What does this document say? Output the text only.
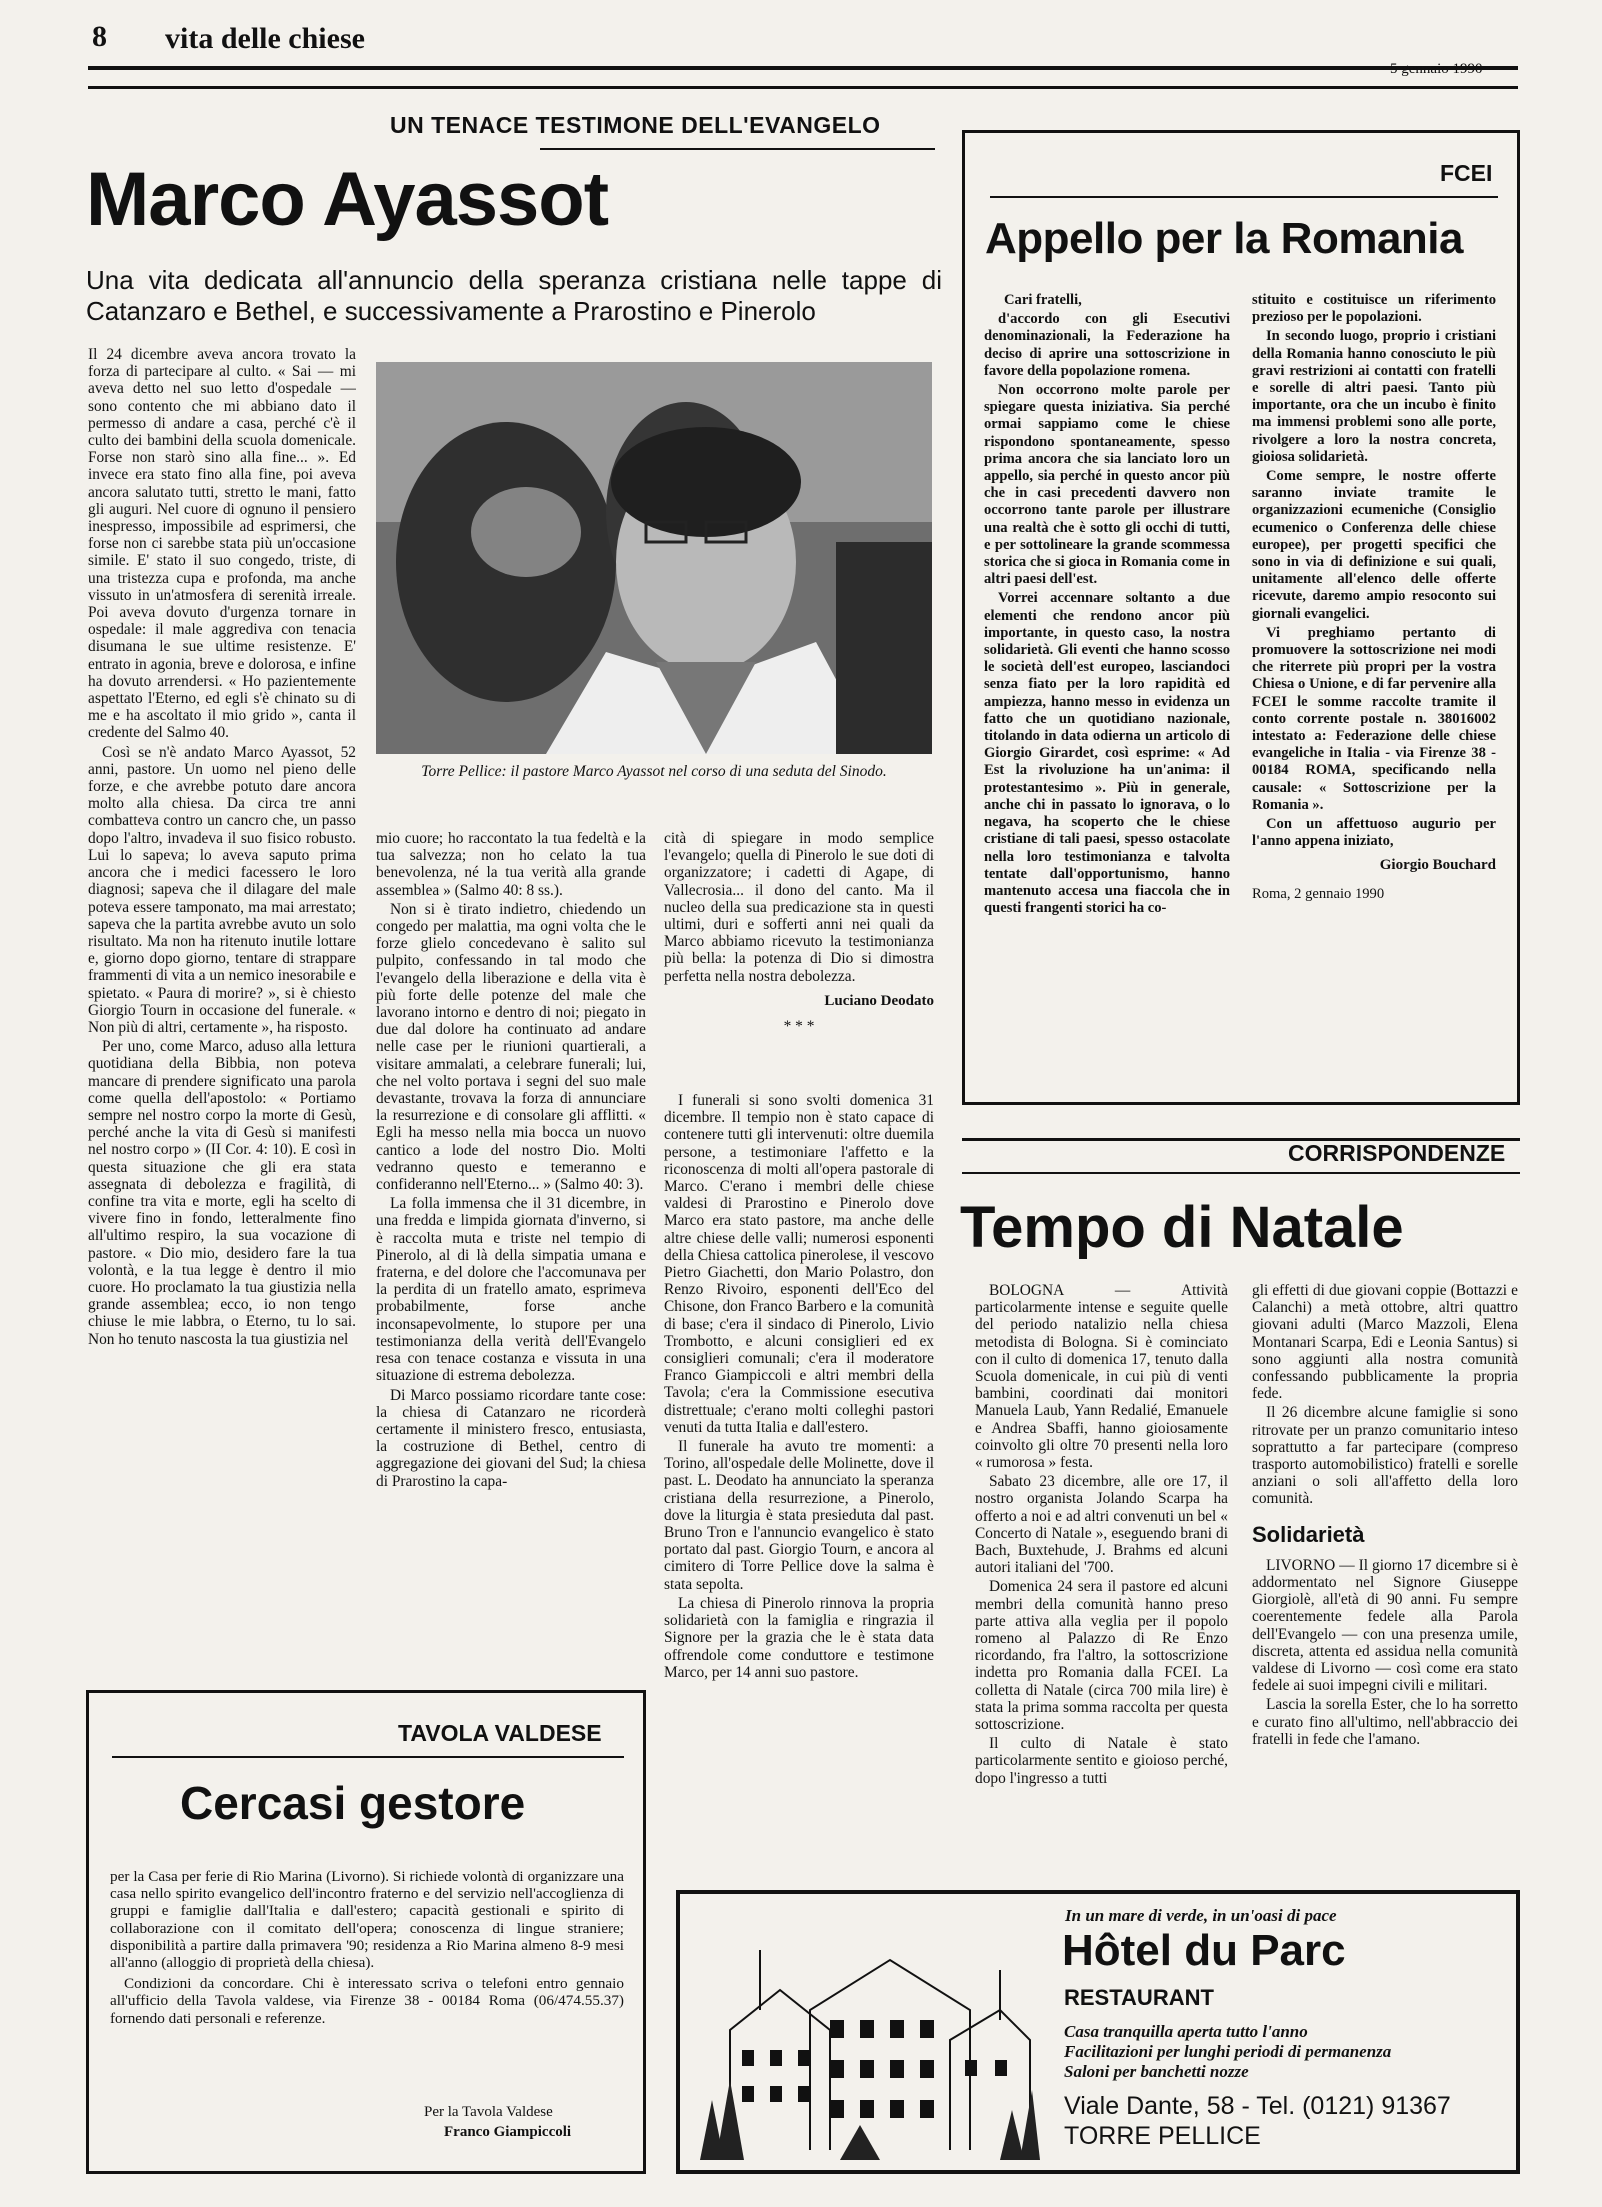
8 vita delle chiese
5 gennaio 1990
UN TENACE TESTIMONE DELL'EVANGELO
Marco Ayassot
Una vita dedicata all'annuncio della speranza cristiana nelle tappe di Catanzaro e Bethel, e successivamente a Prarostino e Pinerolo

Il 24 dicembre aveva ancora trovato la forza di partecipare al culto. « Sai — mi aveva detto nel suo letto d'ospedale — sono contento che mi abbiano dato il permesso di andare a casa, perché c'è il culto dei bambini della scuola domenicale. Forse non starò sino alla fine... ». Ed invece era stato fino alla fine, poi aveva ancora salutato tutti, stretto le mani, fatto gli auguri. Nel cuore di ognuno il pensiero inespresso, impossibile ad esprimersi, che forse non ci sarebbe stata più un'occasione simile. E' stato il suo congedo, triste, di una tristezza cupa e profonda, ma anche vissuto in un'atmosfera di serenità irreale. Poi aveva dovuto d'urgenza tornare in ospedale: il male aggrediva con tenacia disumana le sue ultime resistenze. E' entrato in agonia, breve e dolorosa, e infine ha dovuto arrendersi. « Ho pazientemente aspettato l'Eterno, ed egli s'è chinato su di me e ha ascoltato il mio grido », canta il credente del Salmo 40.

Così se n'è andato Marco Ayassot, 52 anni, pastore. Un uomo nel pieno delle forze, e che avrebbe potuto dare ancora molto alla chiesa. Da circa tre anni combatteva contro un cancro che, un passo dopo l'altro, invadeva il suo fisico robusto. Lui lo sapeva; lo aveva saputo prima ancora che i medici facessero le loro diagnosi; sapeva che il dilagare del male poteva essere tamponato, ma mai arrestato; sapeva che la partita avrebbe avuto un solo risultato. Ma non ha ritenuto inutile lottare e, giorno dopo giorno, tentare di strappare frammenti di vita a un nemico inesorabile e spietato. « Paura di morire? », si è chiesto Giorgio Tourn in occasione del funerale. « Non più di altri, certamente », ha risposto.

Per uno, come Marco, aduso alla lettura quotidiana della Bibbia, non poteva mancare di prendere significato una parola come quella dell'apostolo: « Portiamo sempre nel nostro corpo la morte di Gesù, perché anche la vita di Gesù si manifesti nel nostro corpo » (II Cor. 4: 10). E così in questa situazione che gli era stata assegnata di debolezza e fragilità, di confine tra vita e morte, egli ha scelto di vivere fino in fondo, letteralmente fino all'ultimo respiro, la sua vocazione di pastore. « Dio mio, desidero fare la tua volontà, e la tua legge è dentro il mio cuore. Ho proclamato la tua giustizia nella grande assemblea; ecco, io non tengo chiuse le mie labbra, o Eterno, tu lo sai. Non ho tenuto nascosta la tua giustizia nel

Torre Pellice: il pastore Marco Ayassot nel corso di una seduta del Sinodo.

mio cuore; ho raccontato la tua fedeltà e la tua salvezza; non ho celato la tua benevolenza, né la tua verità alla grande assemblea » (Salmo 40: 8 ss.).

Non si è tirato indietro, chiedendo un congedo per malattia, ma ogni volta che le forze glielo concedevano è salito sul pulpito, confessando in tal modo che l'evangelo della liberazione e della vita è più forte delle potenze del male che lavorano intorno e dentro di noi; piegato in due dal dolore ha continuato ad andare nelle case per le riunioni quartierali, a visitare ammalati, a celebrare funerali; lui, che nel volto portava i segni del suo male devastante, trovava la forza di annunciare la resurrezione e di consolare gli afflitti. « Egli ha messo nella mia bocca un nuovo cantico a lode del nostro Dio. Molti vedranno questo e temeranno e confideranno nell'Eterno... » (Salmo 40: 3).

La folla immensa che il 31 dicembre, in una fredda e limpida giornata d'inverno, si è raccolta muta e triste nel tempio di Pinerolo, al di là della simpatia umana e fraterna, e del dolore che l'accomunava per la perdita di un fratello amato, esprimeva probabilmente, forse anche inconsapevolmente, lo stupore per una testimonianza della verità dell'Evangelo resa con tenace costanza e vissuta in una situazione di estrema debolezza.

Di Marco possiamo ricordare tante cose: la chiesa di Catanzaro ne ricorderà certamente il ministero fresco, entusiasta, la costruzione di Bethel, centro di aggregazione dei giovani del Sud; la chiesa di Prarostino la capa-

cità di spiegare in modo semplice l'evangelo; quella di Pinerolo le sue doti di organizzatore; i cadetti di Agape, di Vallecrosia... il dono del canto. Ma il nucleo della sua predicazione sta in questi ultimi, duri e sofferti anni nei quali da Marco abbiamo ricevuto la testimonianza più bella: la potenza di Dio si dimostra perfetta nella nostra debolezza.

Luciano Deodato
* * *

I funerali si sono svolti domenica 31 dicembre. Il tempio non è stato capace di contenere tutti gli intervenuti: oltre duemila persone, a testimoniare l'affetto e la riconoscenza di molti all'opera pastorale di Marco. C'erano i membri delle chiese valdesi di Prarostino e Pinerolo dove Marco era stato pastore, ma anche delle altre chiese delle valli; numerosi esponenti della Chiesa cattolica pinerolese, il vescovo Pietro Giachetti, don Mario Polastro, don Renzo Rivoiro, esponenti dell'Eco del Chisone, don Franco Barbero e la comunità di base; c'era il sindaco di Pinerolo, Livio Trombotto, e alcuni consiglieri ed ex consiglieri comunali; c'era il moderatore Franco Giampiccoli e altri membri della Tavola; c'era la Commissione esecutiva distrettuale; c'erano molti colleghi pastori venuti da tutta Italia e dall'estero.

Il funerale ha avuto tre momenti: a Torino, all'ospedale delle Molinette, dove il past. L. Deodato ha annunciato la speranza cristiana della resurrezione, a Pinerolo, dove la liturgia è stata presieduta dal past. Bruno Tron e l'annuncio evangelico è stato portato dal past. Giorgio Tourn, e ancora al cimitero di Torre Pellice dove la salma è stata sepolta.

La chiesa di Pinerolo rinnova la propria solidarietà con la famiglia e ringrazia il Signore per la grazia che le è stata data offrendole come conduttore e testimone Marco, per 14 anni suo pastore.

FCEI
Appello per la Romania

Cari fratelli,

d'accordo con gli Esecutivi denominazionali, la Federazione ha deciso di aprire una sottoscrizione in favore della popolazione romena.

Non occorrono molte parole per spiegare questa iniziativa. Sia perché ormai sappiamo come le chiese rispondono spontaneamente, spesso prima ancora che sia lanciato loro un appello, sia perché in questo ancor più che in casi precedenti davvero non occorrono tante parole per illustrare una realtà che è sotto gli occhi di tutti, e per sottolineare la grande scommessa storica che si gioca in Romania come in altri paesi dell'est.

Vorrei accennare soltanto a due elementi che rendono ancor più importante, in questo caso, la nostra solidarietà. Gli eventi che hanno scosso le società dell'est europeo, lasciandoci senza fiato per la loro rapidità ed ampiezza, hanno messo in evidenza un fatto che un quotidiano nazionale, titolando in data odierna un articolo di Giorgio Girardet, così esprime: « Ad Est la rivoluzione ha un'anima: il protestantesimo ». Più in generale, anche chi in passato lo ignorava, o lo negava, ha scoperto che le chiese cristiane di tali paesi, spesso ostacolate nella loro testimonianza e talvolta tentate dall'opportunismo, hanno mantenuto accesa una fiaccola che in questi frangenti storici ha co-

stituito e costituisce un riferimento prezioso per le popolazioni.

In secondo luogo, proprio i cristiani della Romania hanno conosciuto le più gravi restrizioni ai contatti con fratelli e sorelle di altri paesi. Tanto più importante, ora che un incubo è finito ma immensi problemi sono alle porte, rivolgere a loro la nostra concreta, gioiosa solidarietà.

Come sempre, le nostre offerte saranno inviate tramite le organizzazioni ecumeniche (Consiglio ecumenico o Conferenza delle chiese europee), per progetti specifici che sono in via di definizione e sui quali, unitamente all'elenco delle offerte ricevute, daremo ampio resoconto sui giornali evangelici.

Vi preghiamo pertanto di promuovere la sottoscrizione nei modi che riterrete più propri per la vostra Chiesa o Unione, e di far pervenire alla FCEI le somme raccolte tramite il conto corrente postale n. 38016002 intestato a: Federazione delle chiese evangeliche in Italia - via Firenze 38 - 00184 ROMA, specificando nella causale: « Sottoscrizione per la Romania ».

Con un affettuoso augurio per l'anno appena iniziato,

Giorgio Bouchard
Roma, 2 gennaio 1990
CORRISPONDENZE
Tempo di Natale

BOLOGNA — Attività particolarmente intense e seguite quelle del periodo natalizio nella chiesa metodista di Bologna. Si è cominciato con il culto di domenica 17, tenuto dalla Scuola domenicale, in cui più di venti bambini, coordinati dai monitori Manuela Laub, Yann Redalié, Emanuele e Andrea Sbaffi, hanno gioiosamente coinvolto gli oltre 70 presenti nella loro « rumorosa » festa.

Sabato 23 dicembre, alle ore 17, il nostro organista Jolando Scarpa ha offerto a noi e ad altri convenuti un bel « Concerto di Natale », eseguendo brani di Bach, Buxtehude, J. Brahms ed alcuni autori italiani del '700.

Domenica 24 sera il pastore ed alcuni membri della comunità hanno preso parte attiva alla veglia per il popolo romeno al Palazzo di Re Enzo ricordando, fra l'altro, la sottoscrizione indetta pro Romania dalla FCEI. La colletta di Natale (circa 700 mila lire) è stata la prima somma raccolta per questa sottoscrizione.

Il culto di Natale è stato particolarmente sentito e gioioso perché, dopo l'ingresso a tutti

gli effetti di due giovani coppie (Bottazzi e Calanchi) a metà ottobre, altri quattro giovani adulti (Marco Mazzoli, Elena Montanari Scarpa, Edi e Leonia Santus) si sono aggiunti alla nostra comunità confessando pubblicamente la propria fede.

Il 26 dicembre alcune famiglie si sono ritrovate per un pranzo comunitario inteso soprattutto a far partecipare (compreso trasporto automobilistico) fratelli e sorelle anziani o soli all'affetto della loro comunità.

Solidarietà

LIVORNO — Il giorno 17 dicembre si è addormentato nel Signore Giuseppe Giorgiolè, all'età di 90 anni. Fu sempre coerentemente fedele alla Parola dell'Evangelo — con una presenza umile, discreta, attenta ed assidua nella comunità valdese di Livorno — così come era stato fedele ai suoi impegni civili e militari.

Lascia la sorella Ester, che lo ha sorretto e curato fino all'ultimo, nell'abbraccio dei fratelli in fede che l'amano.

TAVOLA VALDESE
Cercasi gestore

per la Casa per ferie di Rio Marina (Livorno). Si richiede volontà di organizzare una casa nello spirito evangelico dell'incontro fraterno e del servizio nell'accoglienza di gruppi e famiglie dall'Italia e dall'estero; capacità gestionali e spirito di collaborazione con il comitato dell'opera; conoscenza di lingue straniere; disponibilità a partire dalla primavera '90; residenza a Rio Marina almeno 8-9 mesi all'anno (alloggio di proprietà della chiesa).

Condizioni da concordare. Chi è interessato scriva o telefoni entro gennaio all'ufficio della Tavola valdese, via Firenze 38 - 00184 Roma (06/474.55.37) fornendo dati personali e referenze.

Per la Tavola Valdese
Franco Giampiccoli
In un mare di verde, in un'oasi di pace
Hôtel du Parc
RESTAURANT
Casa tranquilla aperta tutto l'anno
Facilitazioni per lunghi periodi di permanenza
Saloni per banchetti nozze
Viale Dante, 58 - Tel. (0121) 91367
TORRE PELLICE
